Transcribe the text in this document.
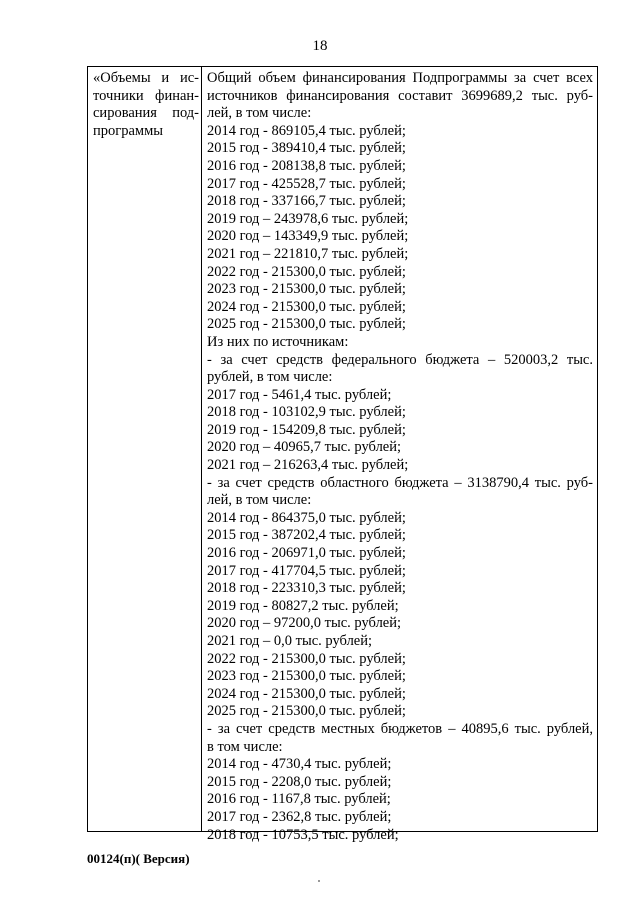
18
«Объемы и ис-
точники финан-
сирования под-
программы
Общий объем финансирования Подпрограммы за счет всех
источников финансирования составит 3699689,2 тыс. руб-
лей, в том числе:
2014 год - 869105,4 тыс. рублей;
2015 год - 389410,4 тыс. рублей;
2016 год - 208138,8 тыс. рублей;
2017 год - 425528,7 тыс. рублей;
2018 год - 337166,7 тыс. рублей;
2019 год – 243978,6 тыс. рублей;
2020 год – 143349,9 тыс. рублей;
2021 год – 221810,7 тыс. рублей;
2022 год - 215300,0 тыс. рублей;
2023 год - 215300,0 тыс. рублей;
2024 год - 215300,0 тыс. рублей;
2025 год - 215300,0 тыс. рублей;
Из них по источникам:
- за счет средств федерального бюджета – 520003,2 тыс.
рублей, в том числе:
2017 год - 5461,4 тыс. рублей;
2018 год - 103102,9 тыс. рублей;
2019 год - 154209,8 тыс. рублей;
2020 год – 40965,7 тыс. рублей;
2021 год – 216263,4 тыс. рублей;
- за счет средств областного бюджета – 3138790,4 тыс. руб-
лей, в том числе:
2014 год - 864375,0 тыс. рублей;
2015 год - 387202,4 тыс. рублей;
2016 год - 206971,0 тыс. рублей;
2017 год - 417704,5 тыс. рублей;
2018 год - 223310,3 тыс. рублей;
2019 год - 80827,2 тыс. рублей;
2020 год – 97200,0 тыс. рублей;
2021 год – 0,0 тыс. рублей;
2022 год - 215300,0 тыс. рублей;
2023 год - 215300,0 тыс. рублей;
2024 год - 215300,0 тыс. рублей;
2025 год - 215300,0 тыс. рублей;
- за счет средств местных бюджетов – 40895,6 тыс. рублей,
в том числе:
2014 год - 4730,4 тыс. рублей;
2015 год - 2208,0 тыс. рублей;
2016 год - 1167,8 тыс. рублей;
2017 год - 2362,8 тыс. рублей;
2018 год - 10753,5 тыс. рублей;
00124(п)( Версия)
